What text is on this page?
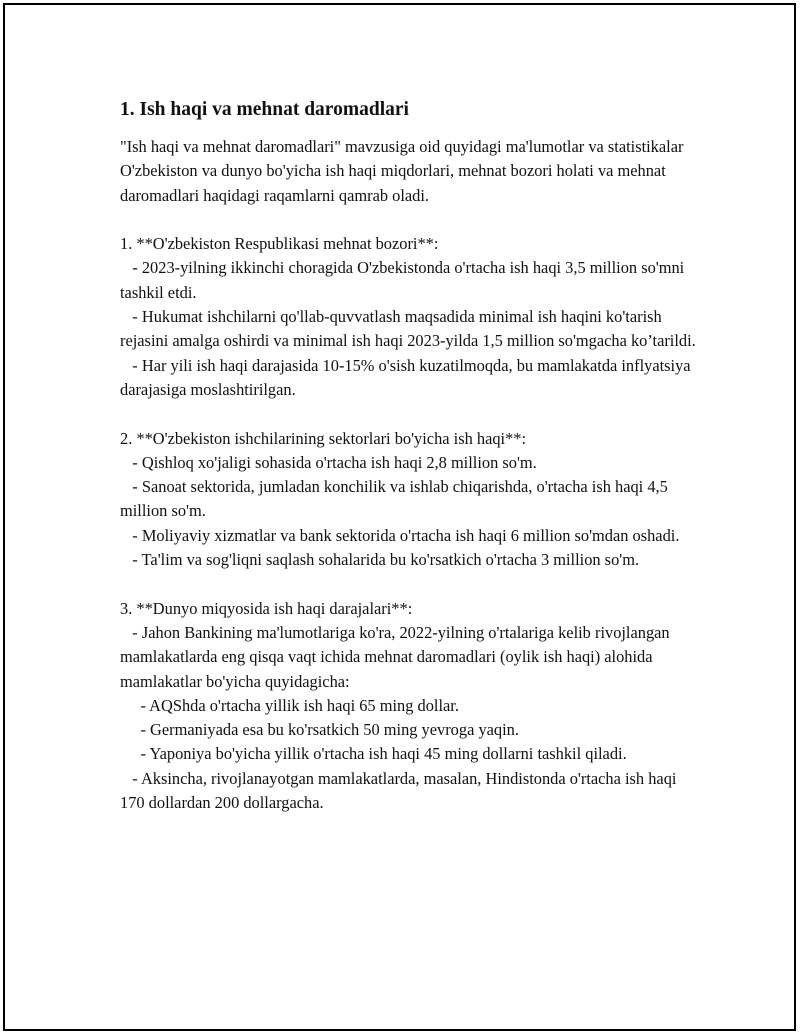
1. Ish haqi va mehnat daromadlari

"Ish haqi va mehnat daromadlari" mavzusiga oid quyidagi ma'lumotlar va statistikalar O'zbekiston va dunyo bo'yicha ish haqi miqdorlari, mehnat bozori holati va mehnat daromadlari haqidagi raqamlarni qamrab oladi.

1. **O'zbekiston Respublikasi mehnat bozori**:

- 2023-yilning ikkinchi choragida O'zbekistonda o'rtacha ish haqi 3,5 million so'mni tashkil etdi.

- Hukumat ishchilarni qo'llab-quvvatlash maqsadida minimal ish haqini ko'tarish rejasini amalga oshirdi va minimal ish haqi 2023-yilda 1,5 million so'mgacha ko’tarildi.

- Har yili ish haqi darajasida 10-15% o'sish kuzatilmoqda, bu mamlakatda inflyatsiya darajasiga moslashtirilgan.

2. **O'zbekiston ishchilarining sektorlari bo'yicha ish haqi**:

- Qishloq xo'jaligi sohasida o'rtacha ish haqi 2,8 million so'm.

- Sanoat sektorida, jumladan konchilik va ishlab chiqarishda, o'rtacha ish haqi 4,5 million so'm.

- Moliyaviy xizmatlar va bank sektorida o'rtacha ish haqi 6 million so'mdan oshadi.

- Ta'lim va sog'liqni saqlash sohalarida bu ko'rsatkich o'rtacha 3 million so'm.

3. **Dunyo miqyosida ish haqi darajalari**:

- Jahon Bankining ma'lumotlariga ko'ra, 2022-yilning o'rtalariga kelib rivojlangan mamlakatlarda eng qisqa vaqt ichida mehnat daromadlari (oylik ish haqi) alohida mamlakatlar bo'yicha quyidagicha:

- AQShda o'rtacha yillik ish haqi 65 ming dollar.

- Germaniyada esa bu ko'rsatkich 50 ming yevroga yaqin.

- Yaponiya bo'yicha yillik o'rtacha ish haqi 45 ming dollarni tashkil qiladi.

- Aksincha, rivojlanayotgan mamlakatlarda, masalan, Hindistonda o'rtacha ish haqi 170 dollardan 200 dollargacha.
